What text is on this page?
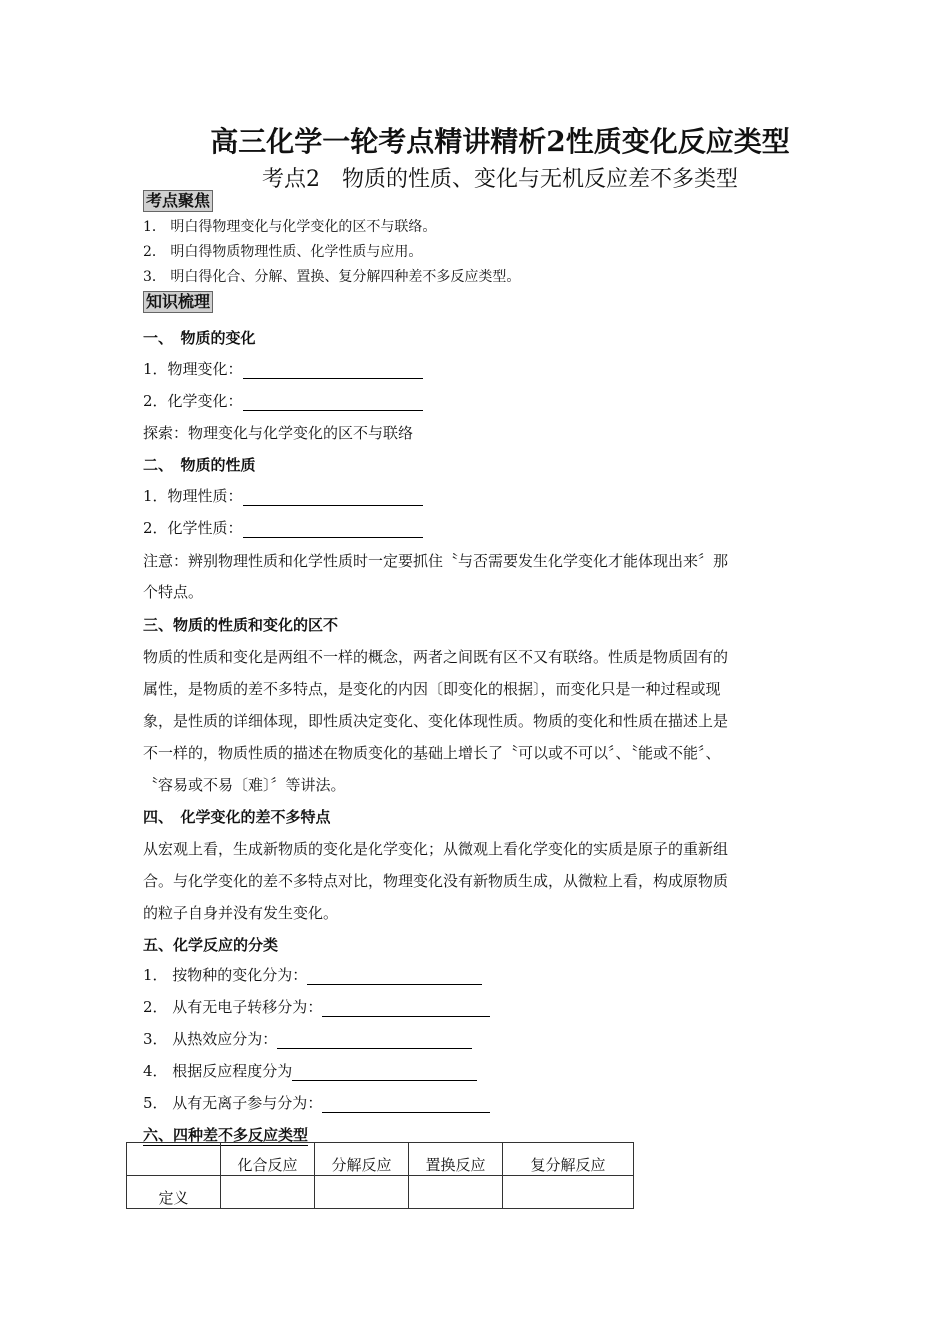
高三化学一轮考点精讲精析2性质变化反应类型
考点2　物质的性质、变化与无机反应差不多类型
考点聚焦
1． 明白得物理变化与化学变化的区不与联络。
2． 明白得物质物理性质、化学性质与应用。
3． 明白得化合、分解、置换、复分解四种差不多反应类型。
知识梳理
一、　物质的变化
1．物理变化：
2．化学变化：
探索：物理变化与化学变化的区不与联络
二、　物质的性质
1．物理性质：
2．化学性质：
注意：辨别物理性质和化学性质时一定要抓住〝与否需要发生化学变化才能体现出来〞那
个特点。
三、物质的性质和变化的区不
物质的性质和变化是两组不一样的概念，两者之间既有区不又有联络。性质是物质固有的
属性，是物质的差不多特点，是变化的内因〔即变化的根据〕，而变化只是一种过程或现
象，是性质的详细体现，即性质决定变化、变化体现性质。物质的变化和性质在描述上是
不一样的，物质性质的描述在物质变化的基础上增长了〝可以或不可以〞、〝能或不能〞、
〝容易或不易〔难〕〞等讲法。
四、　化学变化的差不多特点
从宏观上看，生成新物质的变化是化学变化；从微观上看化学变化的实质是原子的重新组
合。与化学变化的差不多特点对比，物理变化没有新物质生成，从微粒上看，构成原物质
的粒子自身并没有发生变化。
五、化学反应的分类
1． 按物种的变化分为：
2． 从有无电子转移分为：
3． 从热效应分为：
4． 根据反应程度分为
5． 从有无离子参与分为：
六、四种差不多反应类型
	化合反应	分解反应	置换反应	复分解反应
定义				
